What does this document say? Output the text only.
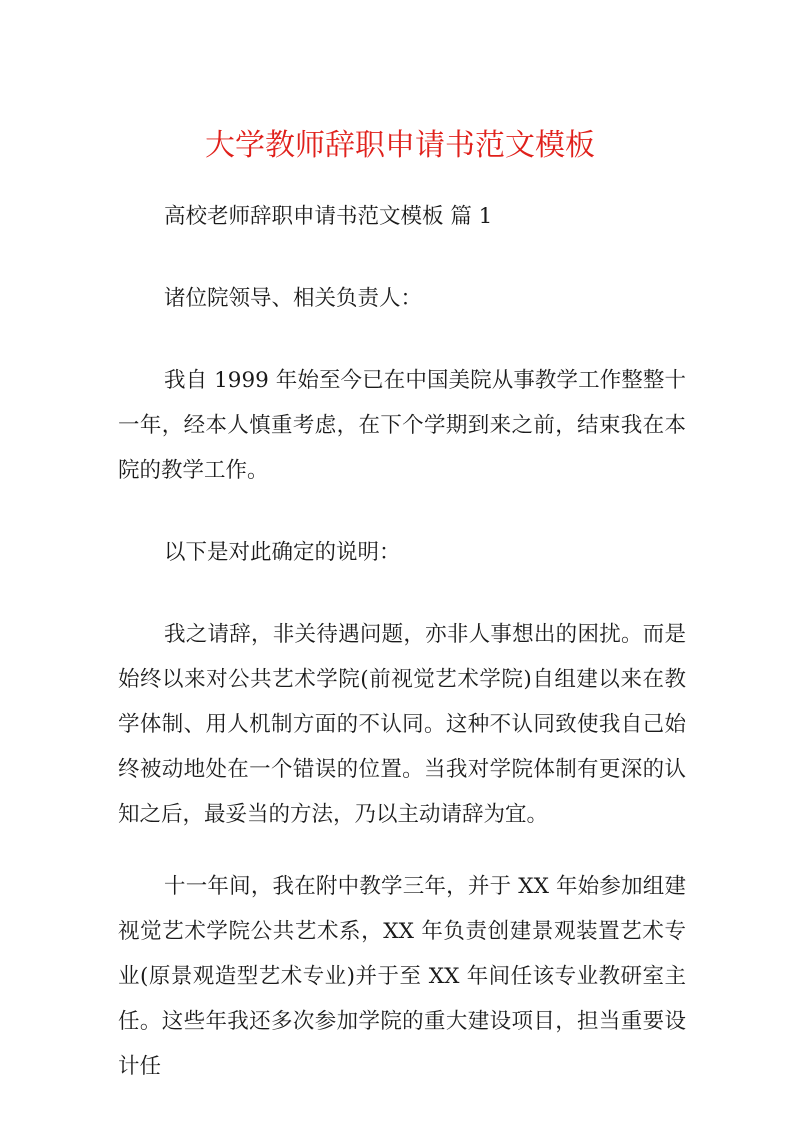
大学教师辞职申请书范文模板

高校老师辞职申请书范文模板 篇 1

诸位院领导、相关负责人：

我自 1999 年始至今已在中国美院从事教学工作整整十一年，经本人慎重考虑，在下个学期到来之前，结束我在本院的教学工作。

以下是对此确定的说明：

我之请辞，非关待遇问题，亦非人事想出的困扰。而是始终以来对公共艺术学院(前视觉艺术学院)自组建以来在教学体制、用人机制方面的不认同。这种不认同致使我自己始终被动地处在一个错误的位置。当我对学院体制有更深的认知之后，最妥当的方法，乃以主动请辞为宜。

十一年间，我在附中教学三年，并于 XX 年始参加组建视觉艺术学院公共艺术系，XX 年负责创建景观装置艺术专业(原景观造型艺术专业)并于至 XX 年间任该专业教研室主任。这些年我还多次参加学院的重大建设项目，担当重要设计任
